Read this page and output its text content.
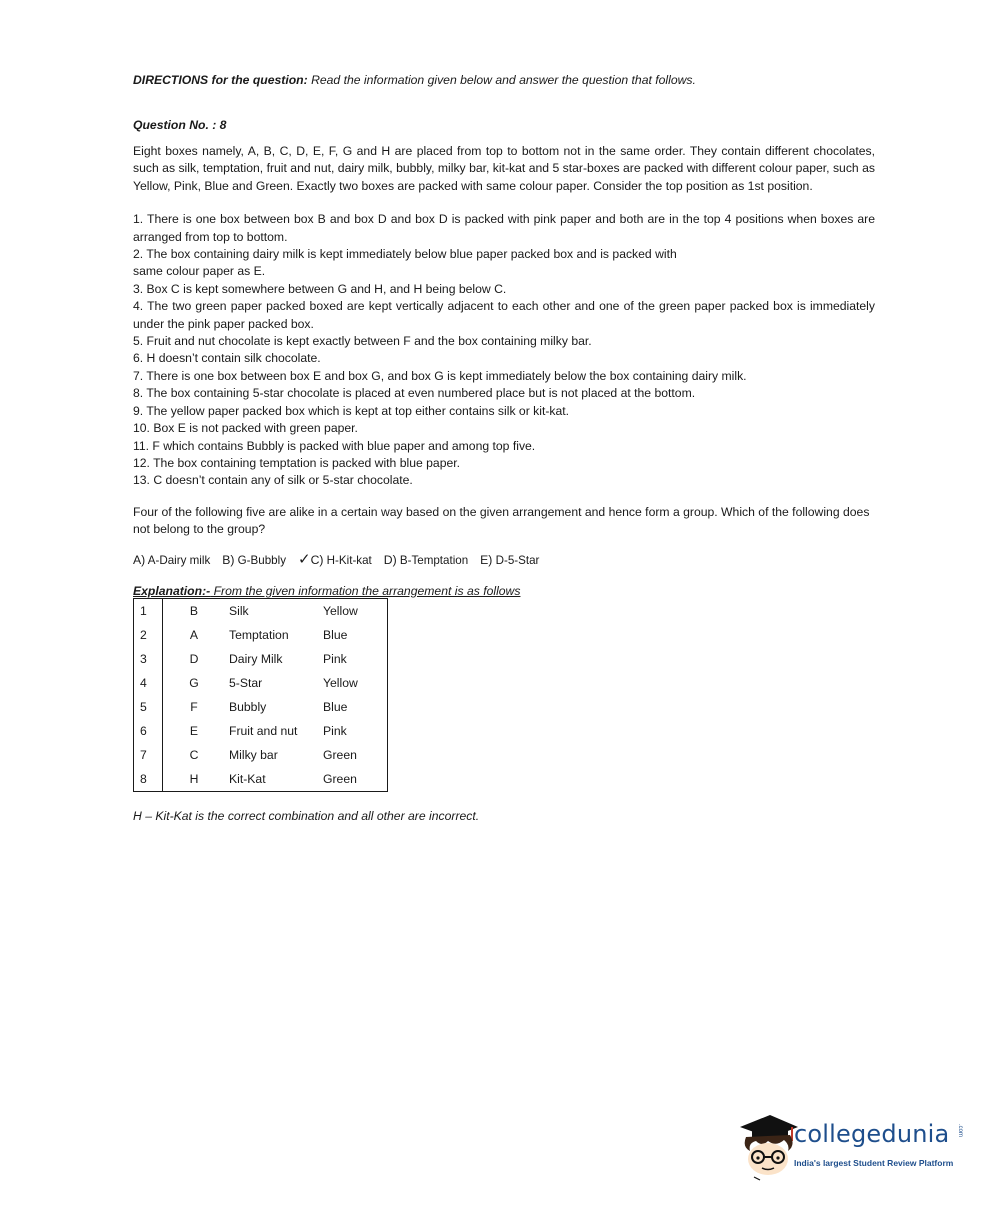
DIRECTIONS for the question: Read the information given below and answer the question that follows.

Question No. : 8
Eight boxes namely, A, B, C, D, E, F, G and H are placed from top to bottom not in the same order. They contain different chocolates, such as silk, temptation, fruit and nut, dairy milk, bubbly, milky bar, kit-kat and 5 star-boxes are packed with different colour paper, such as Yellow, Pink, Blue and Green. Exactly two boxes are packed with same colour paper. Consider the top position as 1st position.
1. There is one box between box B and box D and box D is packed with pink paper and both are in the top 4 positions when boxes are arranged from top to bottom.
2. The box containing dairy milk is kept immediately below blue paper packed box and is packed with
same colour paper as E.
3. Box C is kept somewhere between G and H, and H being below C.
4. The two green paper packed boxed are kept vertically adjacent to each other and one of the green paper packed box is immediately under the pink paper packed box.
5. Fruit and nut chocolate is kept exactly between F and the box containing milky bar.
6. H doesn’t contain silk chocolate.
7. There is one box between box E and box G, and box G is kept immediately below the box containing dairy milk.
8. The box containing 5-star chocolate is placed at even numbered place but is not placed at the bottom.
9. The yellow paper packed box which is kept at top either contains silk or kit-kat.
10. Box E is not packed with green paper.
11. F which contains Bubbly is packed with blue paper and among top five.
12. The box containing temptation is packed with blue paper.
13. C doesn’t contain any of silk or 5-star chocolate.
Four of the following five are alike in a certain way based on the given arrangement and hence form a group. Which of the following does not belong to the group?
A) A-Dairy milk B) G-Bubbly ✓C) H-Kit-kat D) B-Temptation E) D-5-Star
Explanation:- From the given information the arrangement is as follows
1	B	Silk	Yellow
2	A	Temptation	Blue
3	D	Dairy Milk	Pink
4	G	5-Star	Yellow
5	F	Bubbly	Blue
6	E	Fruit and nut	Pink
7	C	Milky bar	Green
8	H	Kit-Kat	Green
H – Kit-Kat is the correct combination and all other are incorrect.
collegedunia .com
India's largest Student Review Platform
